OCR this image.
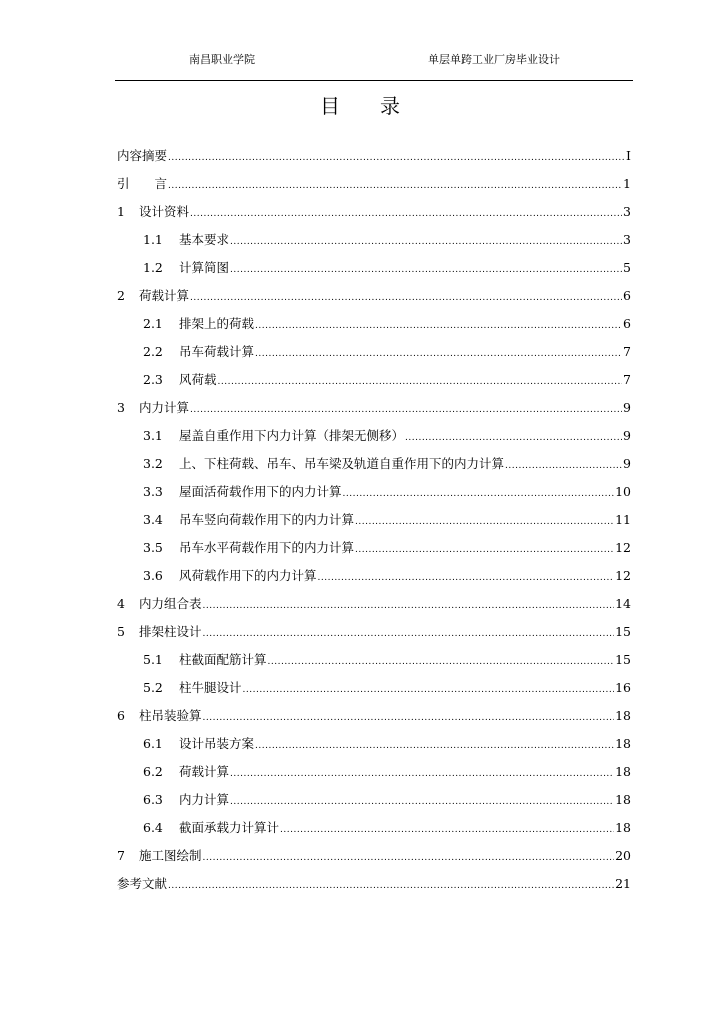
南昌职业学院	单层单跨工业厂房毕业设计
目录
内容摘要 .....	I
引　　言 .....	1
1	设计资料 .....	3
1.1	基本要求 .....	3
1.2	计算简图 .....	5
2	荷载计算 .....	6
2.1	排架上的荷载 .....	6
2.2	吊车荷载计算 .....	7
2.3	风荷载 .....	7
3	内力计算 .....	9
3.1	屋盖自重作用下内力计算（排架无侧移） .....	9
3.2	上、下柱荷载、吊车、吊车梁及轨道自重作用下的内力计算 .....	9
3.3	屋面活荷载作用下的内力计算 .....	10
3.4	吊车竖向荷载作用下的内力计算 .....	11
3.5	吊车水平荷载作用下的内力计算 .....	12
3.6	风荷载作用下的内力计算 .....	12
4	内力组合表 .....	14
5	排架柱设计 .....	15
5.1	柱截面配筋计算 .....	15
5.2	柱牛腿设计 .....	16
6	柱吊装验算 .....	18
6.1	设计吊装方案 .....	18
6.2	荷载计算 .....	18
6.3	内力计算 .....	18
6.4	截面承载力计算计 .....	18
7	施工图绘制 .....	20
参考文献 .....	21
